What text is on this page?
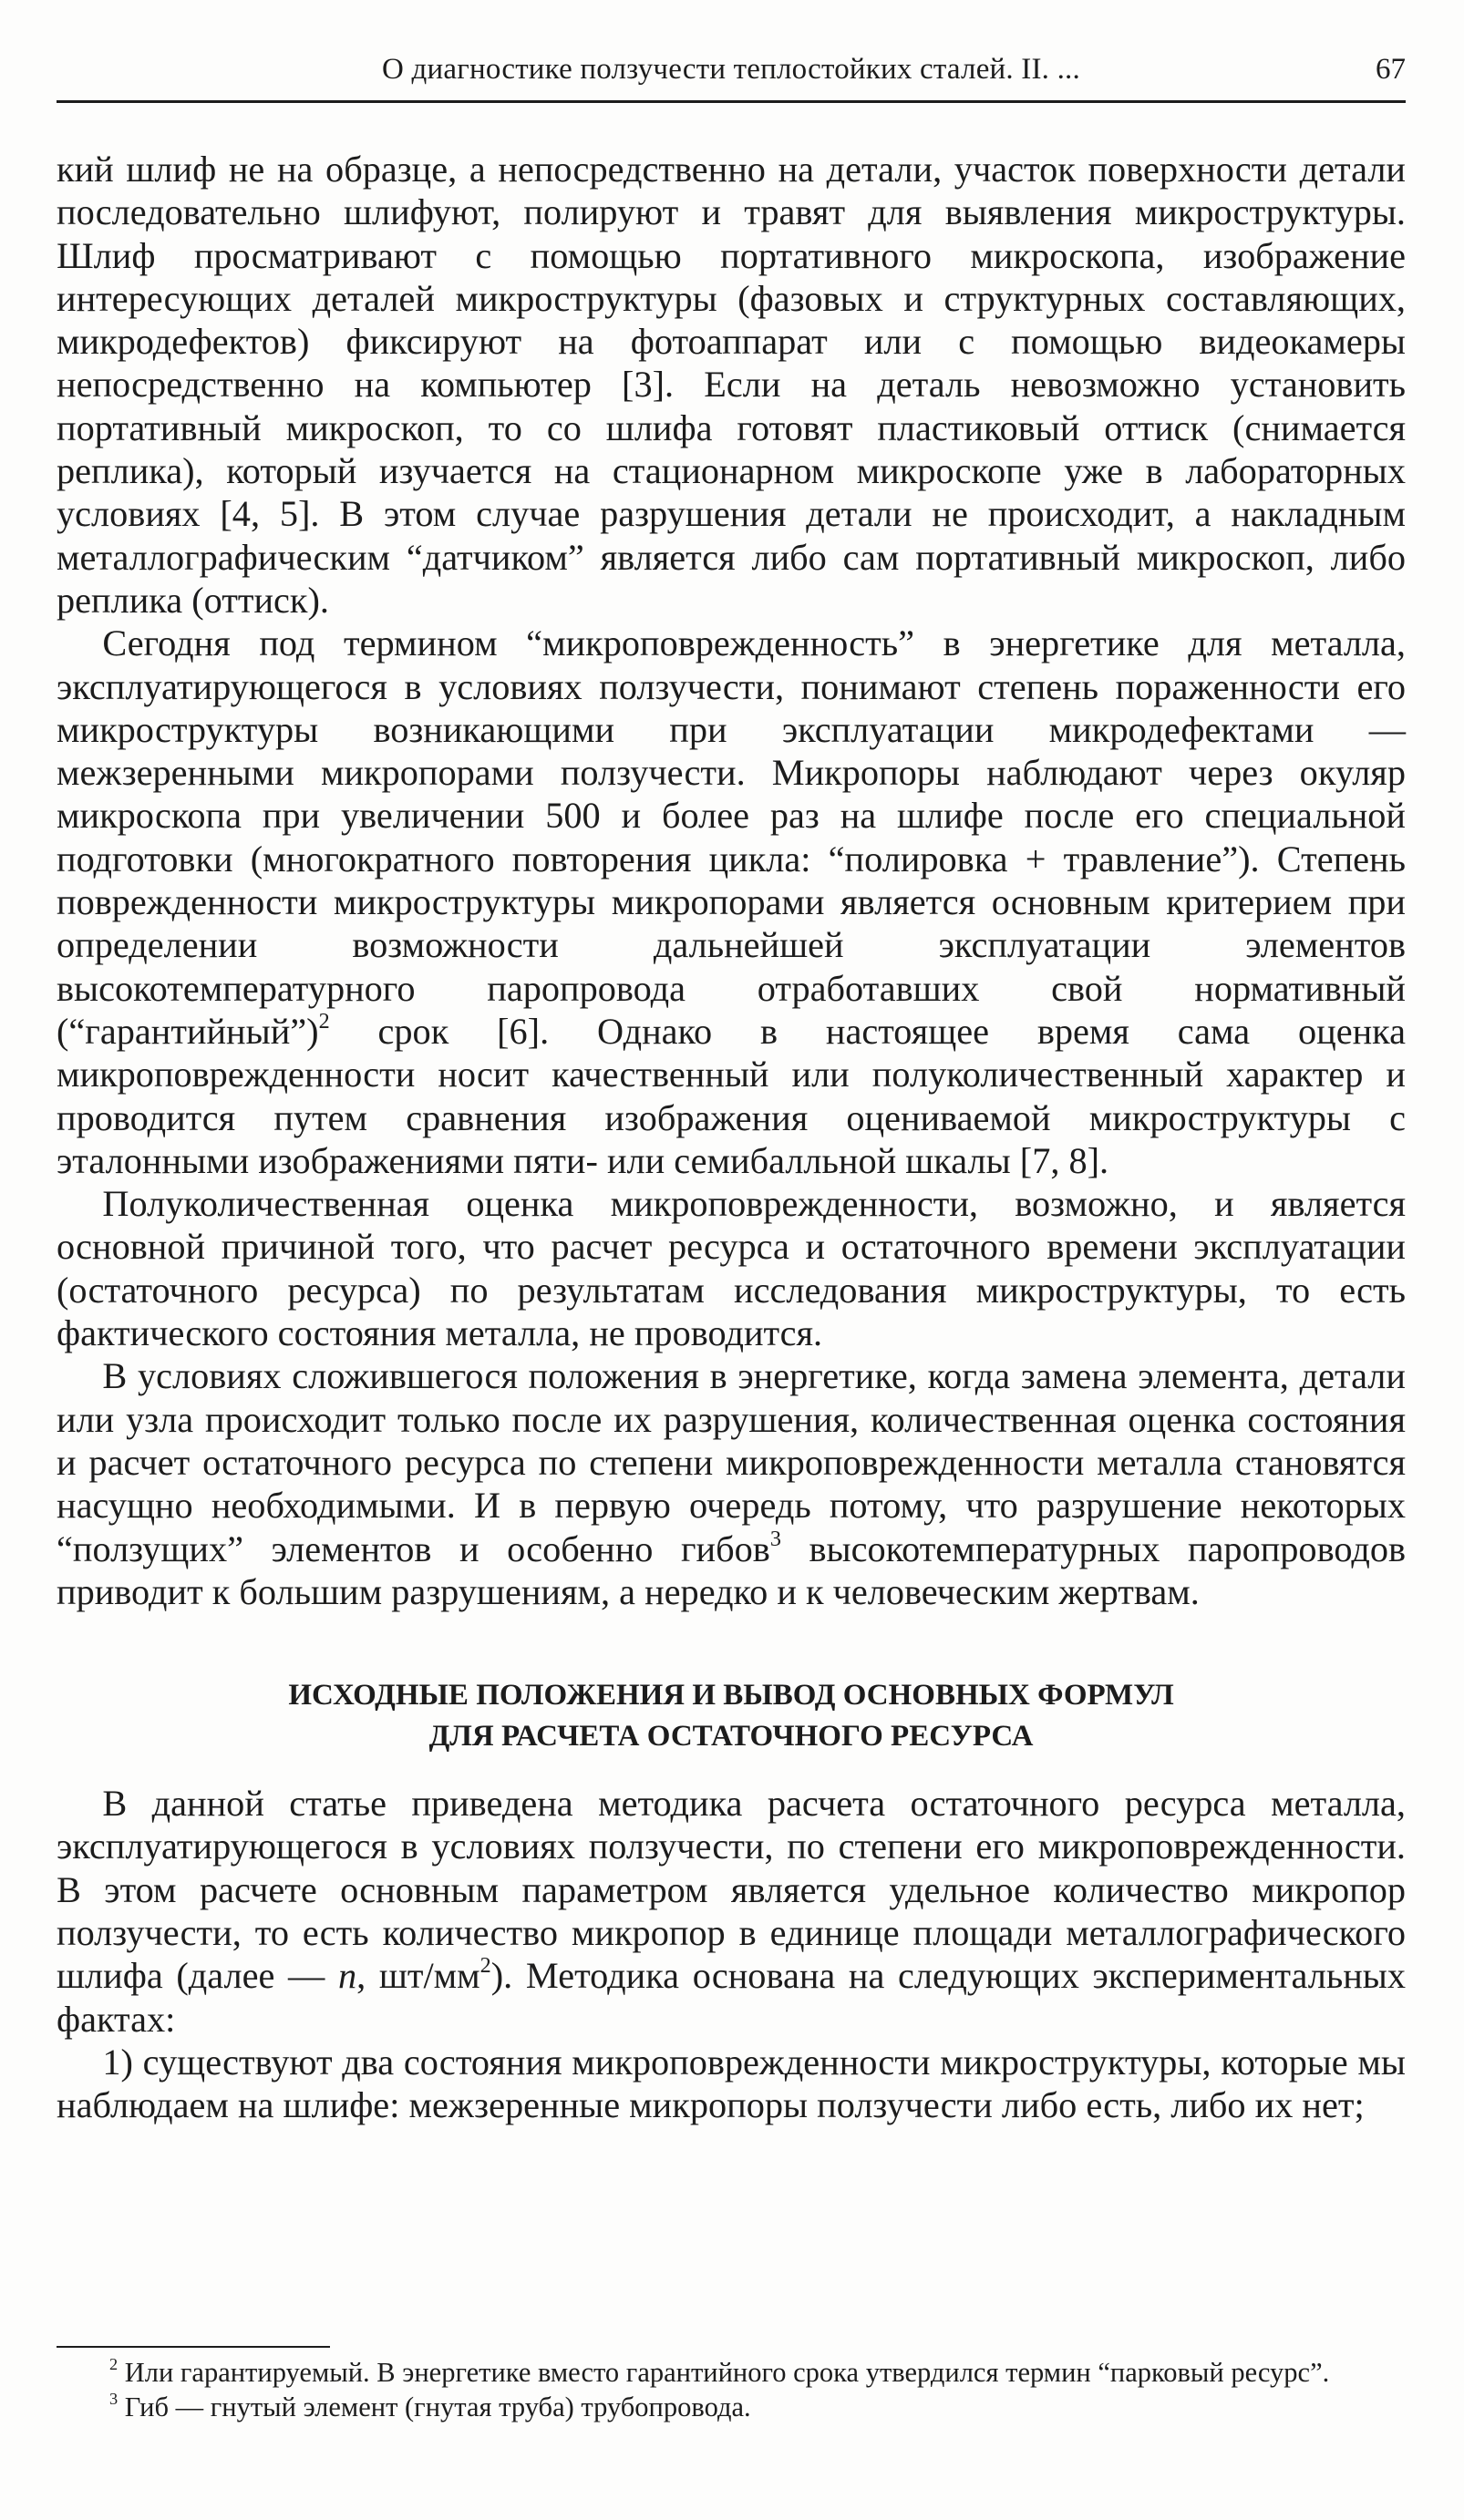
О диагностике ползучести теплостойких сталей. II. ...	67

кий шлиф не на образце, а непосредственно на детали, участок поверхности детали последовательно шлифуют, полируют и травят для выявления микроструктуры. Шлиф просматривают с помощью портативного микроскопа, изображение интересующих деталей микроструктуры (фазовых и структурных составляющих, микродефектов) фиксируют на фотоаппарат или с помощью видеокамеры непосредственно на компьютер [3]. Если на деталь невозможно установить портативный микроскоп, то со шлифа готовят пластиковый оттиск (снимается реплика), который изучается на стационарном микроскопе уже в лабораторных условиях [4, 5]. В этом случае разрушения детали не происходит, а накладным металлографическим “датчиком” является либо сам портативный микроскоп, либо реплика (оттиск).

Сегодня под термином “микроповрежденность” в энергетике для металла, эксплуатирующегося в условиях ползучести, понимают степень пораженности его микроструктуры возникающими при эксплуатации микродефектами — межзеренными микропорами ползучести. Микропоры наблюдают через окуляр микроскопа при увеличении 500 и более раз на шлифе после его специальной подготовки (многократного повторения цикла: “полировка + травление”). Степень поврежденности микроструктуры микропорами является основным критерием при определении возможности дальнейшей эксплуатации элементов высокотемпературного паропровода отработавших свой нормативный (“гарантийный”)$^2$ срок [6]. Однако в настоящее время сама оценка микроповрежденности носит качественный или полуколичественный характер и проводится путем сравнения изображения оцениваемой микроструктуры с эталонными изображениями пяти- или семибалльной шкалы [7, 8].

Полуколичественная оценка микроповрежденности, возможно, и является основной причиной того, что расчет ресурса и остаточного времени эксплуатации (остаточного ресурса) по результатам исследования микроструктуры, то есть фактического состояния металла, не проводится.

В условиях сложившегося положения в энергетике, когда замена элемента, детали или узла происходит только после их разрушения, количественная оценка состояния и расчет остаточного ресурса по степени микроповрежденности металла становятся насущно необходимыми. И в первую очередь потому, что разрушение некоторых “ползущих” элементов и особенно гибов$^3$ высокотемпературных паропроводов приводит к большим разрушениям, а нередко и к человеческим жертвам.

ИСХОДНЫЕ ПОЛОЖЕНИЯ И ВЫВОД ОСНОВНЫХ ФОРМУЛ
ДЛЯ РАСЧЕТА ОСТАТОЧНОГО РЕСУРСА

В данной статье приведена методика расчета остаточного ресурса металла, эксплуатирующегося в условиях ползучести, по степени его микроповрежденности. В этом расчете основным параметром является удельное количество микропор ползучести, то есть количество микропор в единице площади металлографического шлифа (далее — n, $шт/мм^2$). Методика основана на следующих экспериментальных фактах:

1) существуют два состояния микроповрежденности микроструктуры, которые мы наблюдаем на шлифе: межзеренные микропоры ползучести либо есть, либо их нет;

$^2$ Или гарантируемый. В энергетике вместо гарантийного срока утвердился термин “парковый ресурс”.

$^3$ Гиб — гнутый элемент (гнутая труба) трубопровода.
